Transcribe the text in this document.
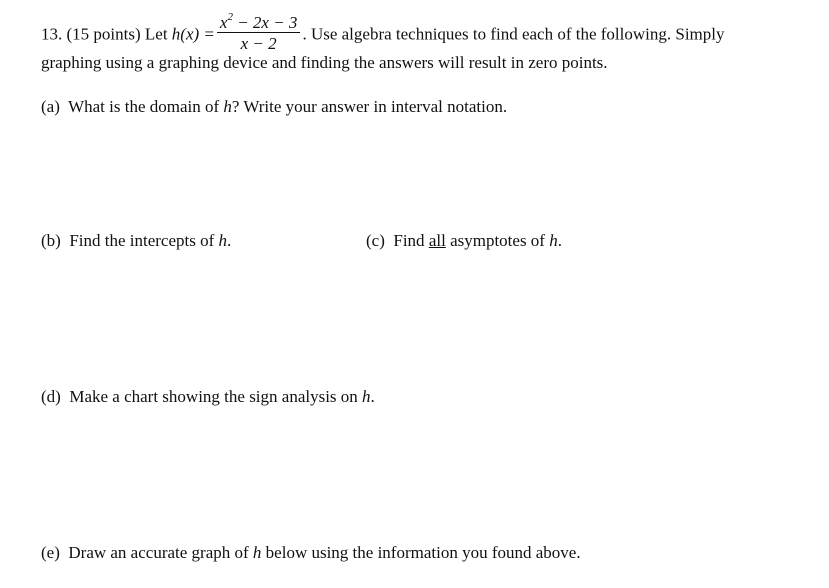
13. (15 points) Let $h(x) = \frac{x^2 - 2x - 3}{x - 2}$ . Use algebra techniques to find each of the following. Simply
graphing using a graphing device and finding the answers will result in zero points.
(a) What is the domain of h? Write your answer in interval notation.
(b) Find the intercepts of h.	(c) Find all asymptotes of h.
(d) Make a chart showing the sign analysis on h.
(e) Draw an accurate graph of h below using the information you found above.
